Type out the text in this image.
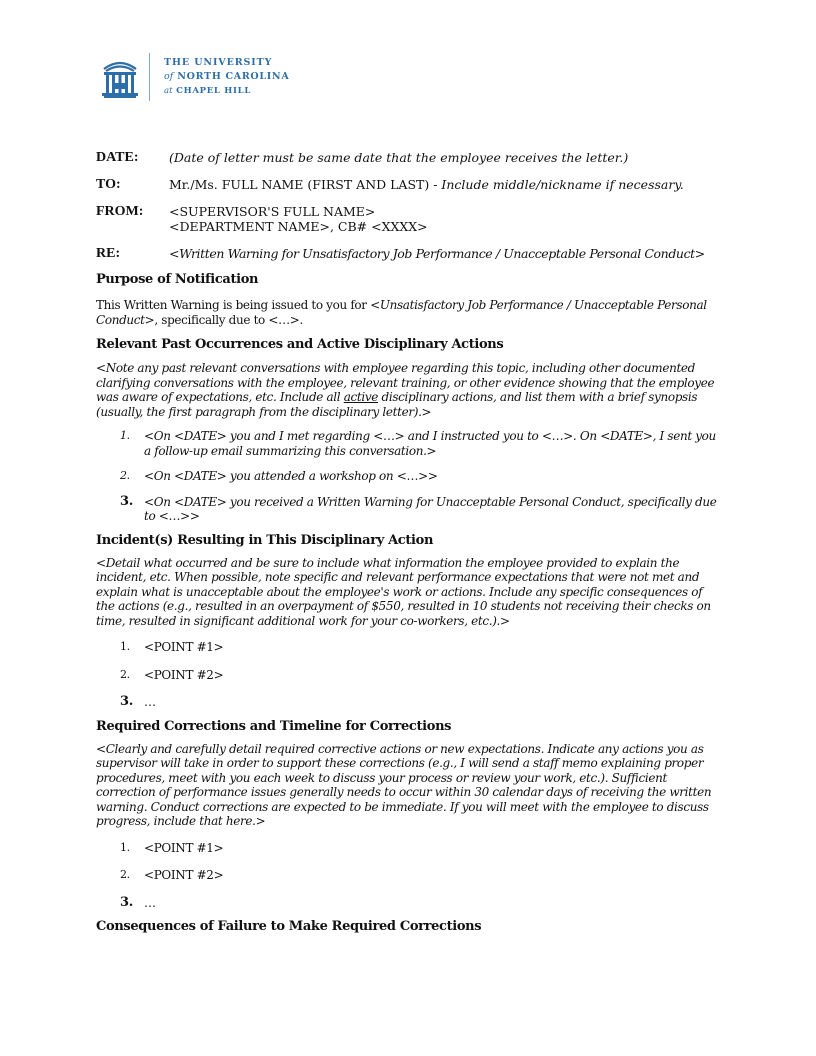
THE UNIVERSITY
of NORTH CAROLINA
at CHAPEL HILL
DATE:	(Date of letter must be same date that the employee receives the letter.)
TO:	Mr./Ms. FULL NAME (FIRST AND LAST) - Include middle/nickname if necessary.
FROM:	<SUPERVISOR'S FULL NAME>
<DEPARTMENT NAME>, CB# <XXXX>
RE:	<Written Warning for Unsatisfactory Job Performance / Unacceptable Personal Conduct>
Purpose of Notification
This Written Warning is being issued to you for <Unsatisfactory Job Performance / Unacceptable Personal Conduct>, specifically due to <…>.
Relevant Past Occurrences and Active Disciplinary Actions
<Note any past relevant conversations with employee regarding this topic, including other documented clarifying conversations with the employee, relevant training, or other evidence showing that the employee was aware of expectations, etc. Include all active disciplinary actions, and list them with a brief synopsis (usually, the first paragraph from the disciplinary letter).>
1. <On <DATE> you and I met regarding <…> and I instructed you to <…>. On <DATE>, I sent you a follow-up email summarizing this conversation.>
2. <On <DATE> you attended a workshop on <…>>
3. <On <DATE> you received a Written Warning for Unacceptable Personal Conduct, specifically due to <…>>
Incident(s) Resulting in This Disciplinary Action
<Detail what occurred and be sure to include what information the employee provided to explain the incident, etc. When possible, note specific and relevant performance expectations that were not met and explain what is unacceptable about the employee's work or actions. Include any specific consequences of the actions (e.g., resulted in an overpayment of $550, resulted in 10 students not receiving their checks on time, resulted in significant additional work for your co-workers, etc.).>
1. <POINT #1>
2. <POINT #2>
3. …
Required Corrections and Timeline for Corrections
<Clearly and carefully detail required corrective actions or new expectations. Indicate any actions you as supervisor will take in order to support these corrections (e.g., I will send a staff memo explaining proper procedures, meet with you each week to discuss your process or review your work, etc.). Sufficient correction of performance issues generally needs to occur within 30 calendar days of receiving the written warning. Conduct corrections are expected to be immediate. If you will meet with the employee to discuss progress, include that here.>
1. <POINT #1>
2. <POINT #2>
3. …
Consequences of Failure to Make Required Corrections
